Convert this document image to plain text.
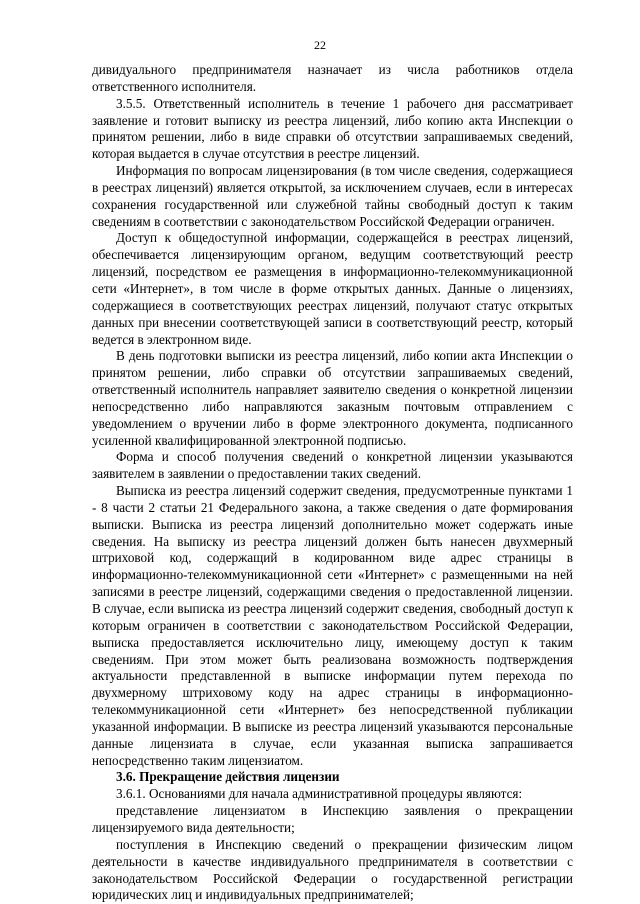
22

дивидуального предпринимателя назначает из числа работников отдела ответственного исполнителя.

3.5.5. Ответственный исполнитель в течение 1 рабочего дня рассматривает заявление и готовит выписку из реестра лицензий, либо копию акта Инспекции о принятом решении, либо в виде справки об отсутствии запрашиваемых сведений, которая выдается в случае отсутствия в реестре лицензий.

Информация по вопросам лицензирования (в том числе сведения, содержащиеся в реестрах лицензий) является открытой, за исключением случаев, если в интересах сохранения государственной или служебной тайны свободный доступ к таким сведениям в соответствии с законодательством Российской Федерации ограничен.

Доступ к общедоступной информации, содержащейся в реестрах лицензий, обеспечивается лицензирующим органом, ведущим соответствующий реестр лицензий, посредством ее размещения в информационно-телекоммуникационной сети «Интернет», в том числе в форме открытых данных. Данные о лицензиях, содержащиеся в соответствующих реестрах лицензий, получают статус открытых данных при внесении соответствующей записи в соответствующий реестр, который ведется в электронном виде.

В день подготовки выписки из реестра лицензий, либо копии акта Инспекции о принятом решении, либо справки об отсутствии запрашиваемых сведений, ответственный исполнитель направляет заявителю сведения о конкретной лицензии непосредственно либо направляются заказным почтовым отправлением с уведомлением о вручении либо в форме электронного документа, подписанного усиленной квалифицированной электронной подписью.

Форма и способ получения сведений о конкретной лицензии указываются заявителем в заявлении о предоставлении таких сведений.

Выписка из реестра лицензий содержит сведения, предусмотренные пунктами 1 - 8 части 2 статьи 21 Федерального закона, а также сведения о дате формирования выписки. Выписка из реестра лицензий дополнительно может содержать иные сведения. На выписку из реестра лицензий должен быть нанесен двухмерный штриховой код, содержащий в кодированном виде адрес страницы в информационно-телекоммуникационной сети «Интернет» с размещенными на ней записями в реестре лицензий, содержащими сведения о предоставленной лицензии. В случае, если выписка из реестра лицензий содержит сведения, свободный доступ к которым ограничен в соответствии с законодательством Российской Федерации, выписка предоставляется исключительно лицу, имеющему доступ к таким сведениям. При этом может быть реализована возможность подтверждения актуальности представленной в выписке информации путем перехода по двухмерному штриховому коду на адрес страницы в информационно-телекоммуникационной сети «Интернет» без непосредственной публикации указанной информации. В выписке из реестра лицензий указываются персональные данные лицензиата в случае, если указанная выписка запрашивается непосредственно таким лицензиатом.

3.6. Прекращение действия лицензии

3.6.1. Основаниями для начала административной процедуры являются:

представление лицензиатом в Инспекцию заявления о прекращении лицензируемого вида деятельности;

поступления в Инспекцию сведений о прекращении физическим лицом деятельности в качестве индивидуального предпринимателя в соответствии с законодательством Российской Федерации о государственной регистрации юридических лиц и индивидуальных предпринимателей;
